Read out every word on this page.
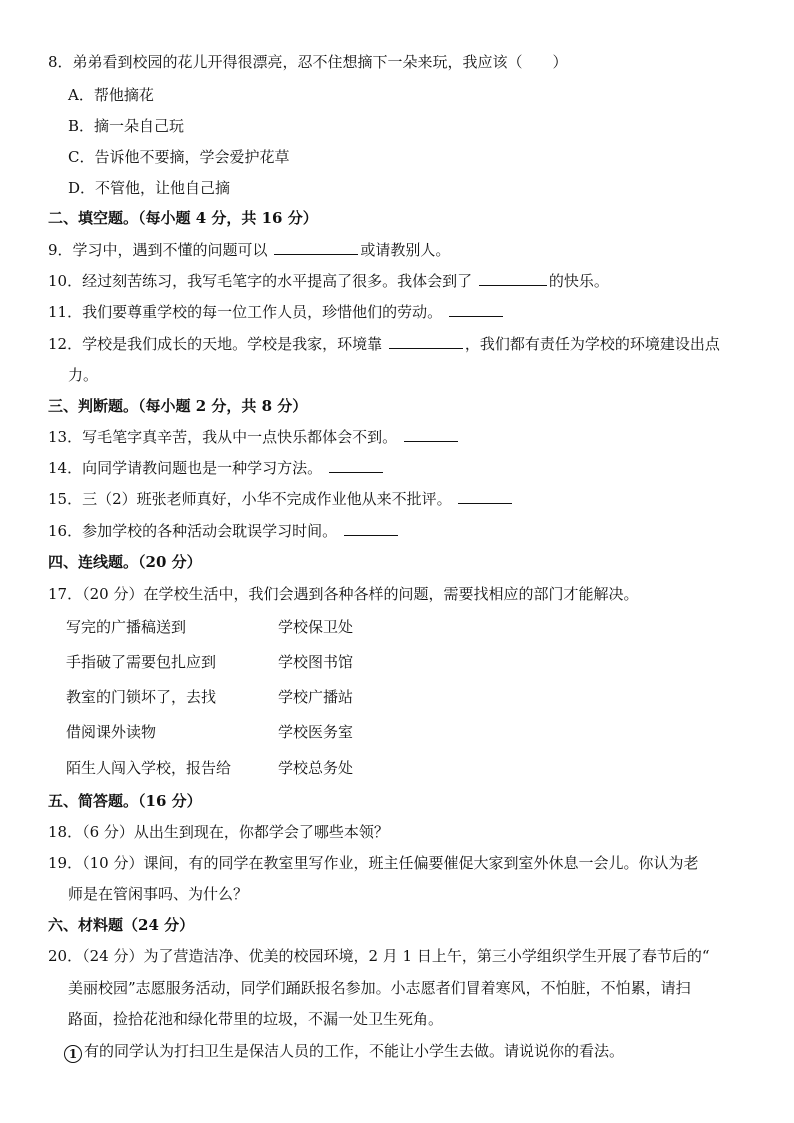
8．弟弟看到校园的花儿开得很漂亮，忍不住想摘下一朵来玩，我应该（　　）
A．帮他摘花
B．摘一朵自己玩
C．告诉他不要摘，学会爱护花草
D．不管他，让他自己摘
二、填空题。（每小题 4 分，共 16 分）
9．学习中，遇到不懂的问题可以	或请教别人。
10．经过刻苦练习，我写毛笔字的水平提高了很多。我体会到了	的快乐。
11．我们要尊重学校的每一位工作人员，珍惜他们的劳动。
12．学校是我们成长的天地。学校是我家，环境靠	，我们都有责任为学校的环境建设出点
力。
三、判断题。（每小题 2 分，共 8 分）
13．写毛笔字真辛苦，我从中一点快乐都体会不到。
14．向同学请教问题也是一种学习方法。
15．三（2）班张老师真好，小华不完成作业他从来不批评。
16．参加学校的各种活动会耽误学习时间。
四、连线题。（20 分）
17．（20 分）在学校生活中，我们会遇到各种各样的问题，需要找相应的部门才能解决。
写完的广播稿送到	学校保卫处
手指破了需要包扎应到	学校图书馆
教室的门锁坏了，去找	学校广播站
借阅课外读物	学校医务室
陌生人闯入学校，报告给	学校总务处
五、简答题。（16 分）
18．（6 分）从出生到现在，你都学会了哪些本领？
19．（10 分）课间，有的同学在教室里写作业，班主任偏要催促大家到室外休息一会儿。你认为老
师是在管闲事吗、为什么？
六、材料题（24 分）
20．（24 分）为了营造洁净、优美的校园环境，2 月 1 日上午，第三小学组织学生开展了春节后的“
美丽校园”志愿服务活动，同学们踊跃报名参加。小志愿者们冒着寒风，不怕脏，不怕累，请扫
路面，捡拾花池和绿化带里的垃圾，不漏一处卫生死角。
1 有的同学认为打扫卫生是保洁人员的工作，不能让小学生去做。请说说你的看法。
